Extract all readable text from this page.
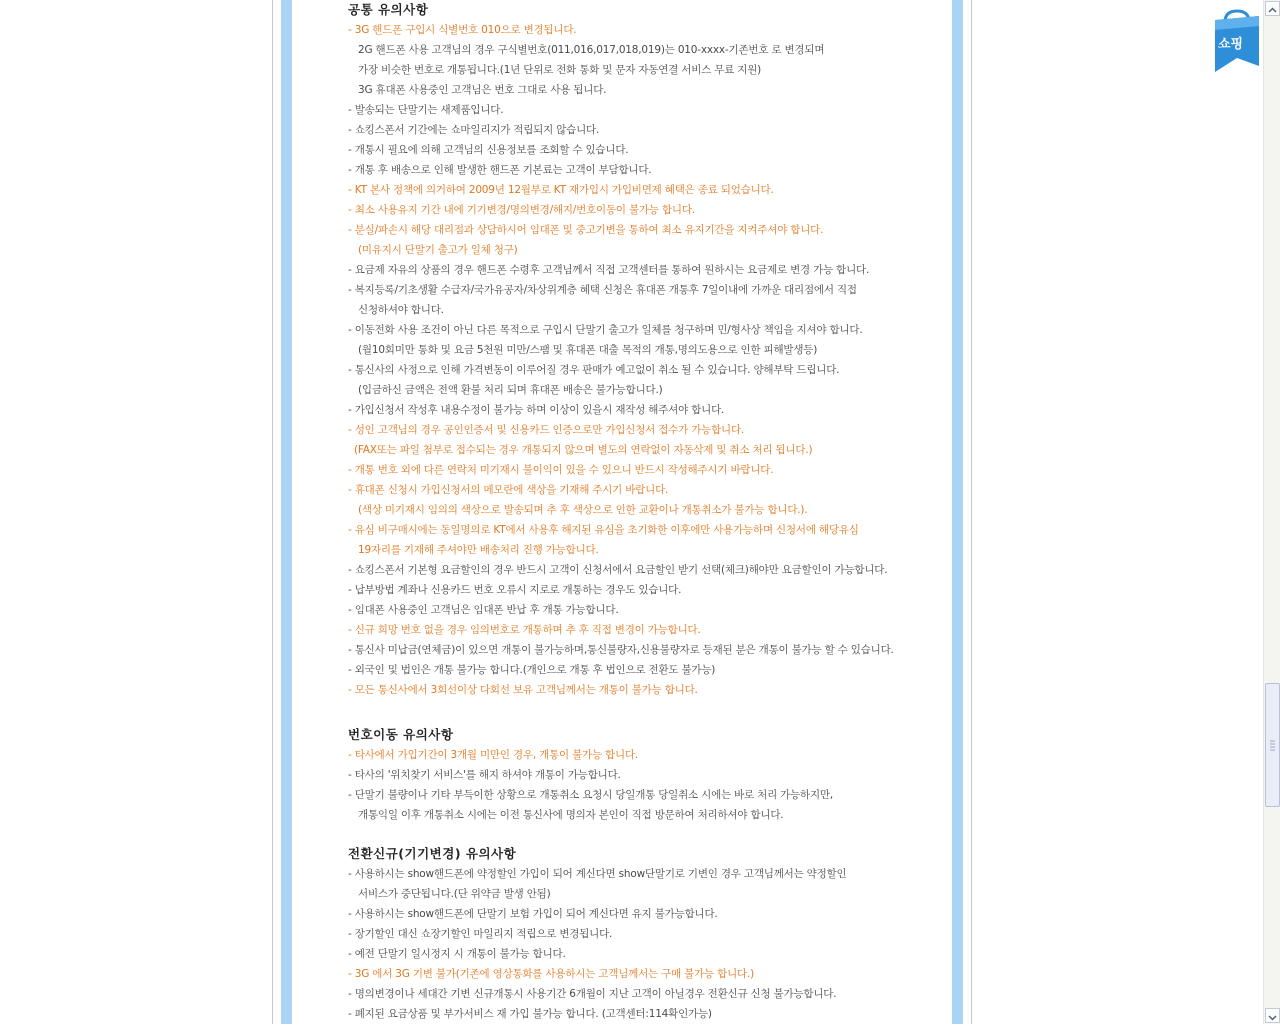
공통 유의사항
- 3G 핸드폰 구입시 식별번호 010으로 변경됩니다.
2G 핸드폰 사용 고객님의 경우 구식별번호(011,016,017,018,019)는 010-xxxx-기존번호 로 변경되며
가장 비슷한 번호로 개통됩니다.(1년 단위로 전화 통화 및 문자 자동연결 서비스 무료 지원)
3G 휴대폰 사용중인 고객님은 번호 그대로 사용 됩니다.
- 발송되는 단말기는 새제품입니다.
- 쇼킹스폰서 기간에는 쇼마일리지가 적립되지 않습니다.
- 개통시 필요에 의해 고객님의 신용정보를 조회할 수 있습니다.
- 개통 후 배송으로 인해 발생한 핸드폰 기본료는 고객이 부담합니다.
- KT 본사 정책에 의거하여 2009년 12월부로 KT 재가입시 가입비면제 혜택은 종료 되었습니다.
- 최소 사용유지 기간 내에 기기변경/명의변경/해지/번호이동이 불가능 합니다.
- 분실/파손시 해당 대리점과 상담하시어 임대폰 및 중고기변을 통하여 최소 유지기간을 지켜주셔야 합니다.
(미유지시 단말기 출고가 일체 청구)
- 요금제 자유의 상품의 경우 핸드폰 수령후 고객님께서 직접 고객센터를 통하여 원하시는 요금제로 변경 가능 합니다.
- 복지등록/기초생활 수급자/국가유공자/차상위계층 혜택 신청은 휴대폰 개통후 7일이내에 가까운 대리점에서 직접
신청하셔야 합니다.
- 이동전화 사용 조건이 아닌 다른 목적으로 구입시 단말기 출고가 일체를 청구하며 민/형사상 책임을 지셔야 합니다.
(월10회미만 통화 및 요금 5천원 미만/스팸 및 휴대폰 대출 목적의 개통,명의도용으로 인한 피해발생등)
- 통신사의 사정으로 인해 가격변동이 이루어질 경우 판매가 예고없이 취소 될 수 있습니다. 양해부탁 드립니다.
(입금하신 금액은 전액 환불 처리 되며 휴대폰 배송은 불가능합니다.)
- 가입신청서 작성후 내용수정이 불가능 하며 이상이 있을시 재작성 해주셔야 합니다.
- 성인 고객님의 경우 공인인증서 및 신용카드 인증으로만 가입신청서 접수가 가능합니다.
(FAX또는 파일 첨부로 접수되는 경우 개통되지 않으며 별도의 연락없이 자동삭제 및 취소 처리 됩니다.)
- 개통 번호 외에 다른 연락처 미기재시 불이익이 있을 수 있으니 반드시 작성해주시기 바랍니다.
- 휴대폰 신청시 가입신청서의 메모란에 색상을 기재해 주시기 바랍니다.
(색상 미기재시 임의의 색상으로 발송되며 추 후 색상으로 인한 교환이나 개통취소가 불가능 합니다.).
- 유심 비구매시에는 동일명의로 KT에서 사용후 해지된 유심을 초기화한 이후에만 사용가능하며 신청서에 해당유심
19자리를 기재해 주셔야만 배송처리 진행 가능합니다.
- 쇼킹스폰서 기본형 요금할인의 경우 반드시 고객이 신청서에서 요금할인 받기 선택(체크)해야만 요금할인이 가능합니다.
- 납부방법 계좌나 신용카드 번호 오류시 지로로 개통하는 경우도 있습니다.
- 임대폰 사용중인 고객님은 임대폰 반납 후 개통 가능합니다.
- 신규 희망 번호 없을 경우 임의번호로 개통하며 추 후 직접 변경이 가능합니다.
- 통신사 미납금(연체금)이 있으면 개통이 불가능하며,통신불량자,신용불량자로 등재된 분은 개통이 불가능 할 수 있습니다.
- 외국인 및 법인은 개통 불가능 합니다.(개인으로 개통 후 법인으로 전환도 불가능)
- 모든 통신사에서 3회선이상 다회선 보유 고객님께서는 개통이 불가능 합니다.
번호이동 유의사항
- 타사에서 가입기간이 3개월 미만인 경우, 개통이 불가능 합니다.
- 타사의 '위치찾기 서비스'를 해지 하셔야 개통이 가능합니다.
- 단말기 불량이나 기타 부득이한 상황으로 개통취소 요청시 당일개통 당일취소 시에는 바로 처리 가능하지만,
개통익일 이후 개통취소 시에는 이전 통신사에 명의자 본인이 직접 방문하여 처리하셔야 합니다.
전환신규(기기변경) 유의사항
- 사용하시는 show핸드폰에 약정할인 가입이 되어 계신다면 show단말기로 기변인 경우 고객님께서는 약정할인
서비스가 중단됩니다.(단 위약금 발생 안됨)
- 사용하시는 show핸드폰에 단말기 보험 가입이 되어 계신다면 유지 불가능합니다.
- 장기할인 대신 쇼장기할인 마일리지 적립으로 변경됩니다.
- 예전 단말기 일시정지 시 개통이 불가능 합니다.
- 3G 에서 3G 기변 불가(기존에 영상통화를 사용하시는 고객님께서는 구매 불가능 합니다.)
- 명의변경이나 세대간 기변 신규개통시 사용기간 6개월이 지난 고객이 아닐경우 전환신규 신청 불가능합니다.
- 폐지된 요금상품 및 부가서비스 재 가입 불가능 합니다. (고객센터:114확인가능)
쇼핑
